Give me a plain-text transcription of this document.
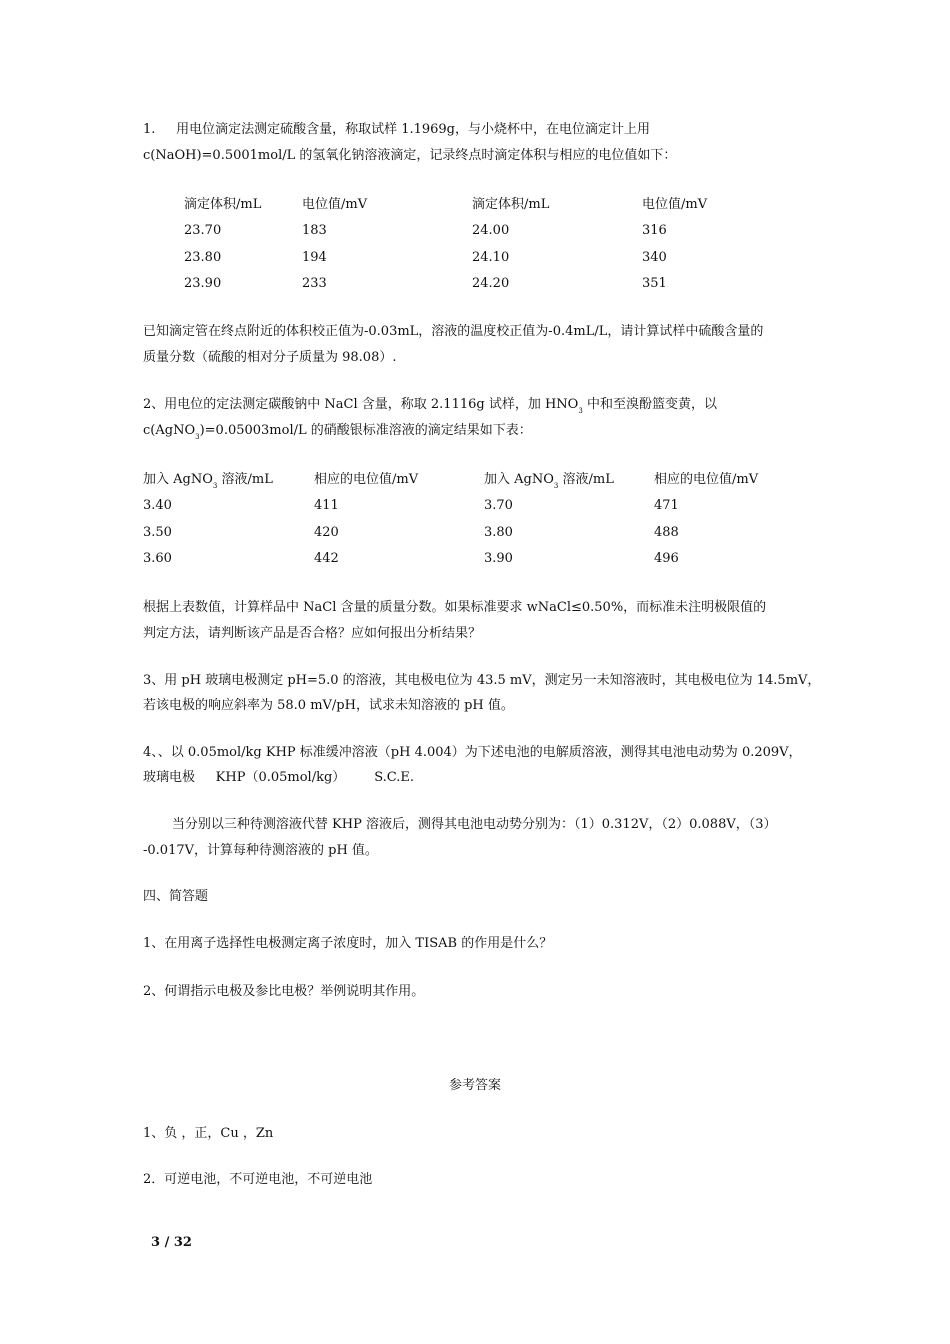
1.     用电位滴定法测定硫酸含量，称取试样 1.1969g，与小烧杯中，在电位滴定计上用
c(NaOH)=0.5001mol/L 的氢氧化钠溶液滴定，记录终点时滴定体积与相应的电位值如下：
滴定体积/mL	电位值/mV	滴定体积/mL	电位值/mV
23.70	183	24.00	316
23.80	194	24.10	340
23.90	233	24.20	351
已知滴定管在终点附近的体积校正值为-0.03mL，溶液的温度校正值为-0.4mL/L，请计算试样中硫酸含量的
质量分数（硫酸的相对分子质量为 98.08）.
2、用电位的定法测定碳酸钠中 NaCl 含量，称取 2.1116g 试样，加 $HNO_3$ 中和至溴酚篮变黄，以
c(AgNO$_3$)=0.05003mol/L 的硝酸银标准溶液的滴定结果如下表：
加入 AgNO$_3$ 溶液/mL	相应的电位值/mV	加入 AgNO$_3$ 溶液/mL	相应的电位值/mV
3.40	411	3.70	471
3.50	420	3.80	488
3.60	442	3.90	496
根据上表数值，计算样品中 NaCl 含量的质量分数。如果标准要求 wNaCl≤0.50%，而标准未注明极限值的
判定方法，请判断该产品是否合格？应如何报出分析结果？
3、用 pH 玻璃电极测定 pH=5.0 的溶液，其电极电位为 43.5 mV，测定另一未知溶液时，其电极电位为 14.5mV，
若该电极的响应斜率为 58.0 mV/pH，试求未知溶液的 pH 值。
4、、以 0.05mol/kg KHP 标准缓冲溶液（pH 4.004）为下述电池的电解质溶液，测得其电池电动势为 0.209V，
玻璃电极     KHP（0.05mol/kg）       S.C.E.
当分别以三种待测溶液代替 KHP 溶液后，测得其电池电动势分别为：（1）0.312V，（2）0.088V，（3）
-0.017V，计算每种待测溶液的 pH 值。
四、简答题
1、在用离子选择性电极测定离子浓度时，加入 TISAB 的作用是什么？
2、何谓指示电极及参比电极？举例说明其作用。
参考答案
1、负 ，正，Cu ，Zn
2．可逆电池，不可逆电池，不可逆电池
3 / 32
